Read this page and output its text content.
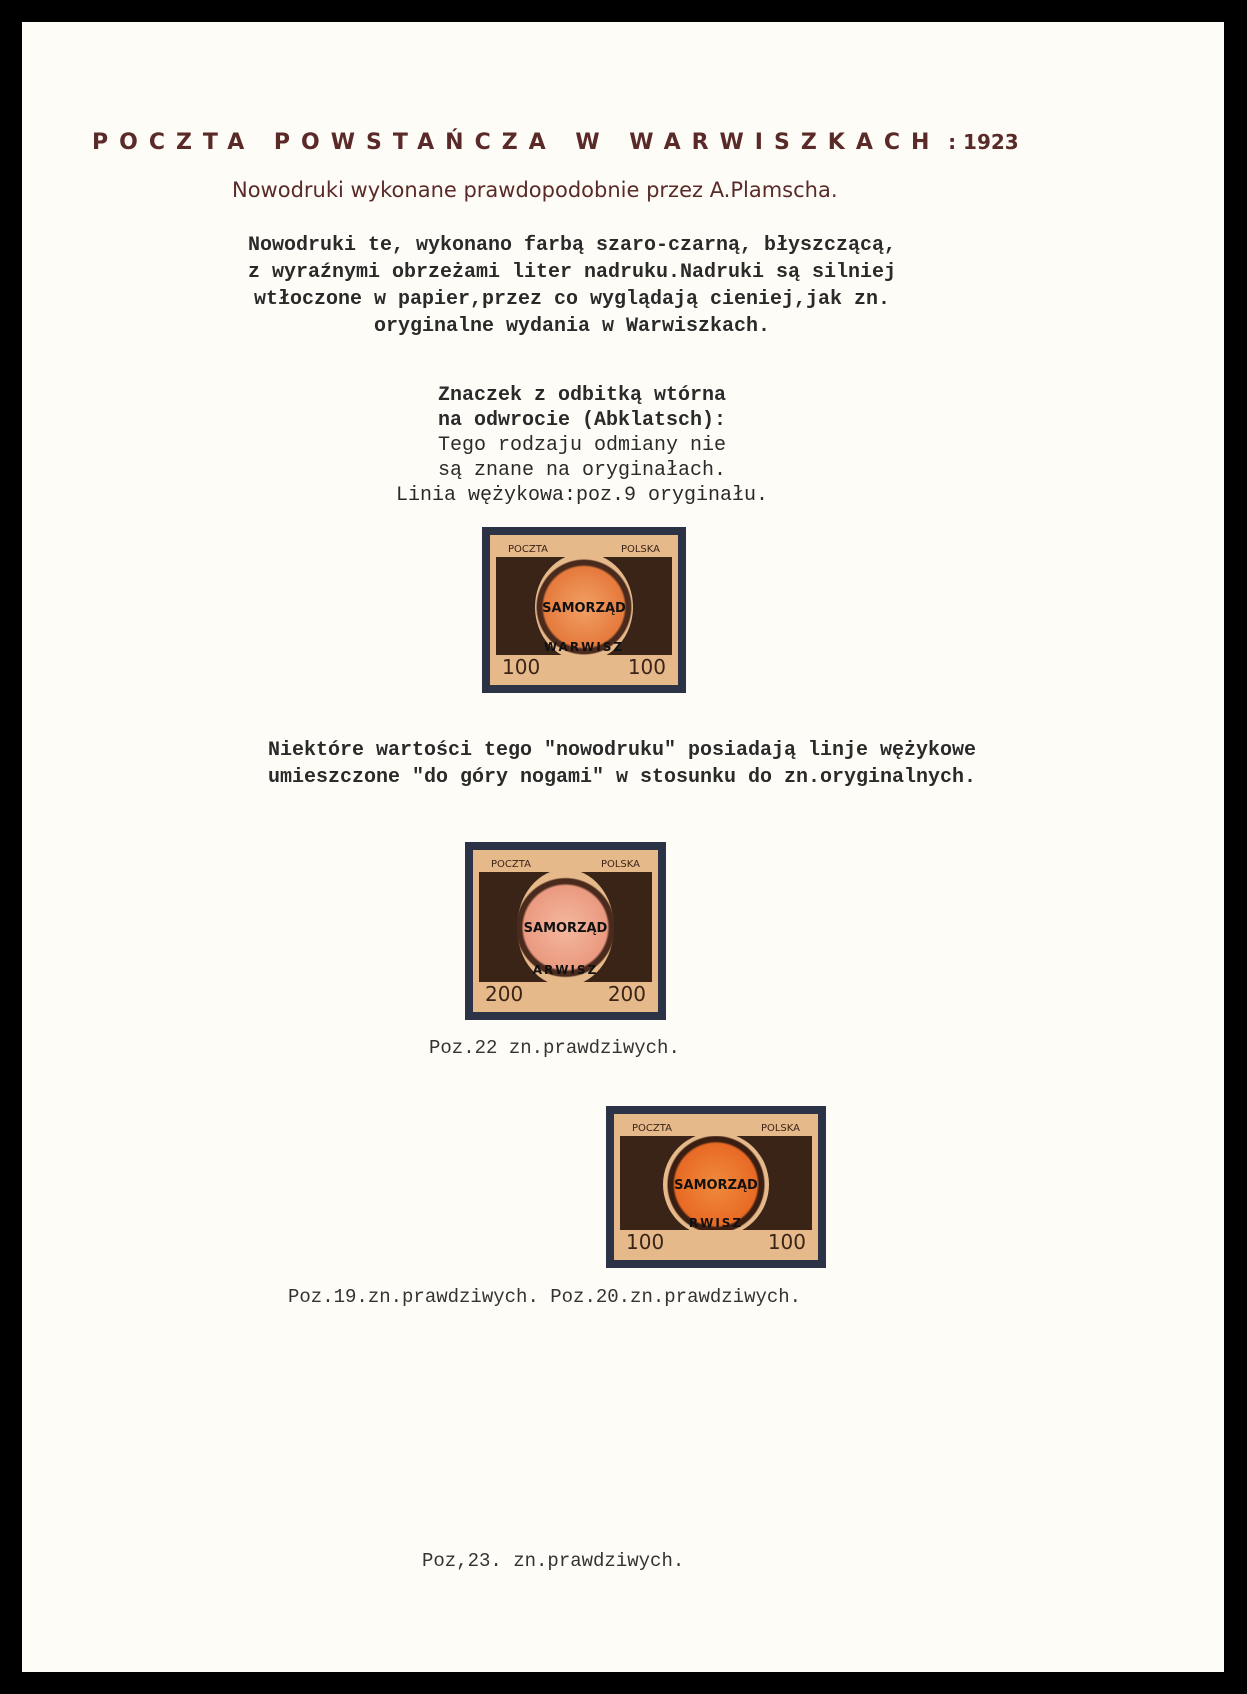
POCZTA POWSTAŃCZA W WARWISZKACH : 1923
Nowodruki wykonane prawdopodobnie przez A.Plamscha.
Nowodruki te, wykonano farbą szaro-czarną, błyszczącą,
z wyraźnymi obrzeżami liter nadruku.Nadruki są silniej
wtłoczone w papier,przez co wyglądają cieniej,jak zn.
oryginalne wydania w Warwiszkach.
Znaczek z odbitką wtórna
na odwrocie (Abklatsch):
Tego rodzaju odmiany nie
są znane na oryginałach.
Linia wężykowa:poz.9 oryginału.
POCZTA	POLSKA
SAMORZĄD
WARWISZ
100	100
Niektóre wartości tego "nowodruku" posiadają linje wężykowe
umieszczone "do góry nogami" w stosunku do zn.oryginalnych.
POCZTA	POLSKA
SAMORZĄD
ARWISZ
200	200
Poz.22 zn.prawdziwych.
POCZTA	POLSKA
SAMORZĄD
RWISZ
100	100
Poz.19.zn.prawdziwych. Poz.20.zn.prawdziwych.
Poz,23. zn.prawdziwych.
